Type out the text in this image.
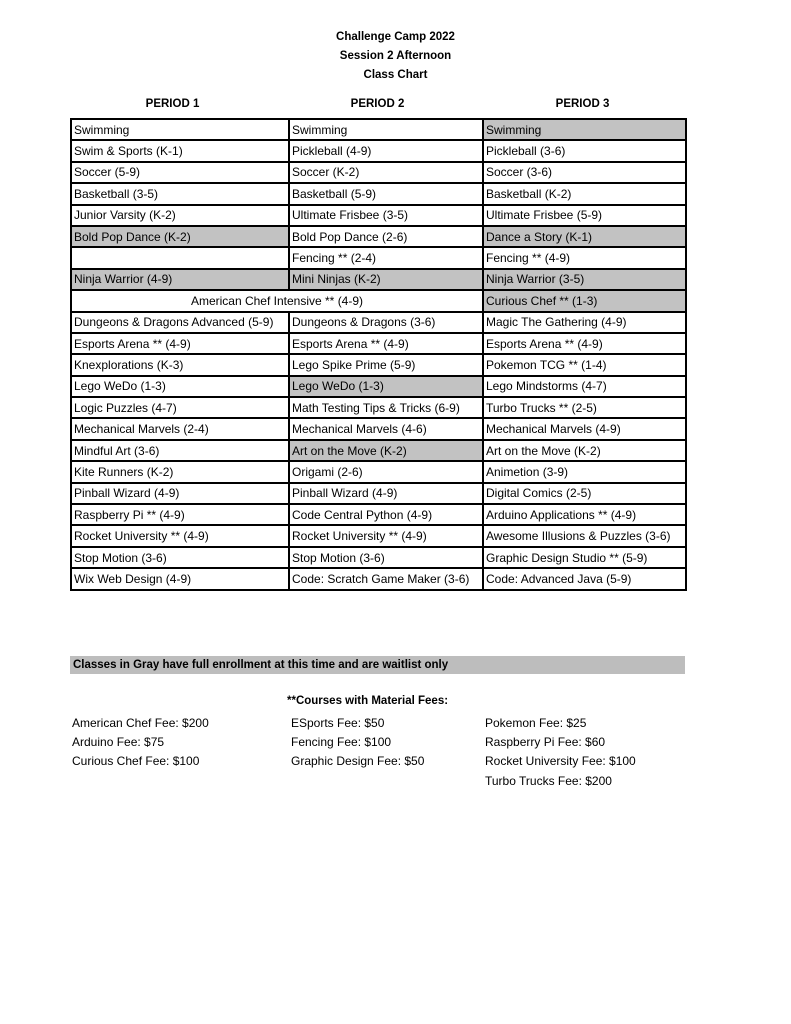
Challenge Camp 2022
Session 2 Afternoon
Class Chart
PERIOD 1	PERIOD 2	PERIOD 3
Swimming	Swimming	Swimming
Swim & Sports (K-1)	Pickleball (4-9)	Pickleball (3-6)
Soccer (5-9)	Soccer (K-2)	Soccer (3-6)
Basketball (3-5)	Basketball (5-9)	Basketball (K-2)
Junior Varsity (K-2)	Ultimate Frisbee (3-5)	Ultimate Frisbee (5-9)
Bold Pop Dance (K-2)	Bold Pop Dance (2-6)	Dance a Story (K-1)
	Fencing ** (2-4)	Fencing ** (4-9)
Ninja Warrior (4-9)	Mini Ninjas (K-2)	Ninja Warrior (3-5)
American Chef Intensive ** (4-9)		Curious Chef ** (1-3)
Dungeons & Dragons Advanced (5-9)	Dungeons & Dragons (3-6)	Magic The Gathering (4-9)
Esports Arena ** (4-9)	Esports Arena ** (4-9)	Esports Arena ** (4-9)
Knexplorations (K-3)	Lego Spike Prime (5-9)	Pokemon TCG ** (1-4)
Lego WeDo (1-3)	Lego WeDo (1-3)	Lego Mindstorms (4-7)
Logic Puzzles (4-7)	Math Testing Tips & Tricks (6-9)	Turbo Trucks ** (2-5)
Mechanical Marvels (2-4)	Mechanical Marvels (4-6)	Mechanical Marvels (4-9)
Mindful Art (3-6)	Art on the Move (K-2)	Art on the Move (K-2)
Kite Runners (K-2)	Origami (2-6)	Animetion (3-9)
Pinball Wizard (4-9)	Pinball Wizard (4-9)	Digital Comics (2-5)
Raspberry Pi ** (4-9)	Code Central Python (4-9)	Arduino Applications ** (4-9)
Rocket University ** (4-9)	Rocket University ** (4-9)	Awesome Illusions & Puzzles (3-6)
Stop Motion (3-6)	Stop Motion (3-6)	Graphic Design Studio ** (5-9)
Wix Web Design (4-9)	Code: Scratch Game Maker (3-6)	Code: Advanced Java (5-9)
Classes in Gray have full enrollment at this time and are waitlist only
**Courses with Material Fees:
American Chef Fee: $200
Arduino Fee: $75
Curious Chef Fee: $100
ESports Fee: $50
Fencing Fee: $100
Graphic Design Fee: $50
Pokemon Fee: $25
Raspberry Pi Fee: $60
Rocket University Fee: $100
Turbo Trucks Fee: $200
